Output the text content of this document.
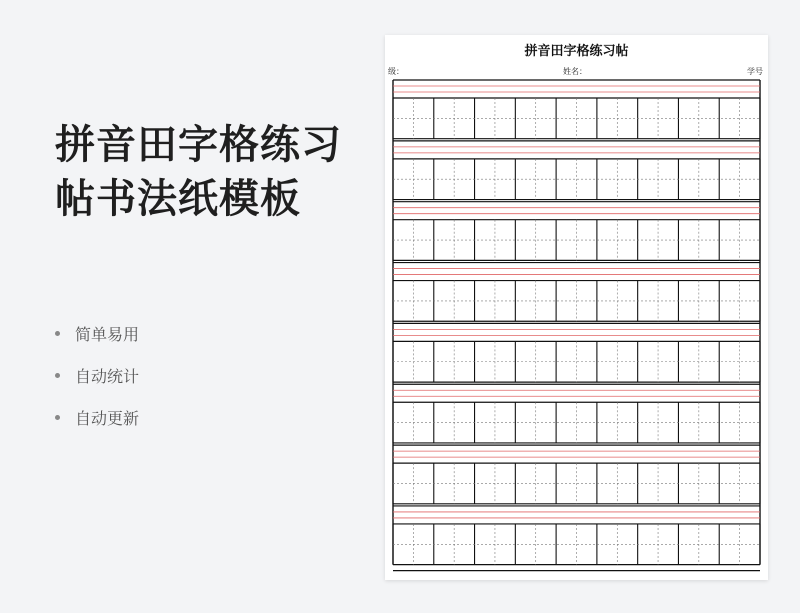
拼音田字格练习
帖书法纸模板
简单易用
自动统计
自动更新
拼音田字格练习帖
级：	姓名：	学号
